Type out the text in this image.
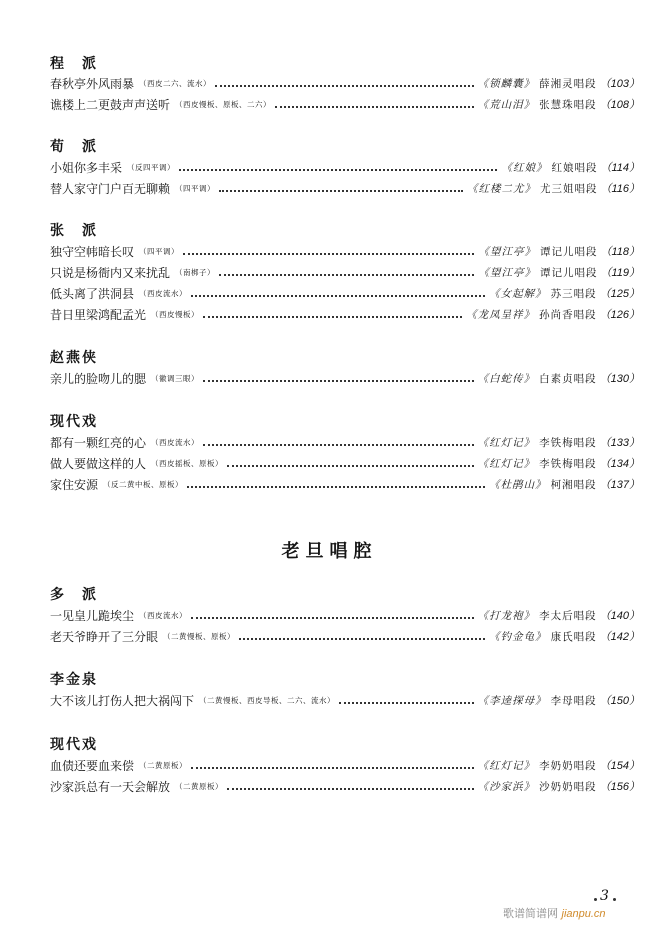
程　派
春秋亭外风雨暴 （西皮二六、流水）	《锁麟囊》 薛湘灵唱段 （103）
谯楼上二更鼓声声送听 （西皮慢板、原板、二六）	《荒山泪》 张慧珠唱段 （108）
荀　派
小姐你多丰采 （反四平调）	《红娘》 红娘唱段 （114）
替人家守门户百无聊赖 （四平调）	《红楼二尤》 尤三姐唱段 （116）
张　派
独守空帏暗长叹 （四平调）	《望江亭》 谭记儿唱段 （118）
只说是杨衙内又来扰乱 （南梆子）	《望江亭》 谭记儿唱段 （119）
低头离了洪洞县 （西皮流水）	《女起解》 苏三唱段 （125）
昔日里梁鸿配孟光 （西皮慢板）	《龙凤呈祥》 孙尚香唱段 （126）
赵燕侠
亲儿的脸吻儿的腮 （徽调三眼）	《白蛇传》 白素贞唱段 （130）
现代戏
都有一颗红亮的心 （西皮流水）	《红灯记》 李铁梅唱段 （133）
做人要做这样的人 （西皮摇板、原板）	《红灯记》 李铁梅唱段 （134）
家住安源 （反二黄中板、原板）	《杜鹃山》 柯湘唱段 （137）
老旦唱腔
多　派
一见皇儿跪埃尘 （西皮流水）	《打龙袍》 李太后唱段 （140）
老天爷睁开了三分眼 （二黄慢板、原板）	《钓金龟》 康氏唱段 （142）
李金泉
大不该儿打伤人把大祸闯下 （二黄慢板、西皮导板、二六、流水）	《李逵探母》 李母唱段 （150）
现代戏
血债还要血来偿 （二黄原板）	《红灯记》 李奶奶唱段 （154）
沙家浜总有一天会解放 （二黄原板）	《沙家浜》 沙奶奶唱段 （156）
3
歌谱简谱网 jianpu.cn
